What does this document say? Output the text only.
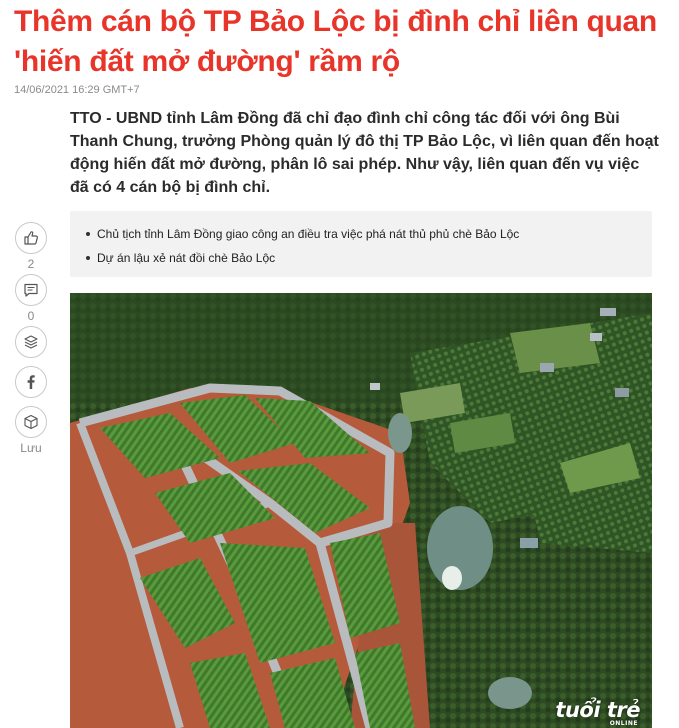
Thêm cán bộ TP Bảo Lộc bị đình chỉ liên quan 'hiến đất mở đường' rầm rộ
14/06/2021 16:29 GMT+7

TTO - UBND tỉnh Lâm Đồng đã chỉ đạo đình chỉ công tác đối với ông Bùi Thanh Chung, trưởng Phòng quản lý đô thị TP Bảo Lộc, vì liên quan đến hoạt động hiến đất mở đường, phân lô sai phép. Như vậy, liên quan đến vụ việc đã có 4 cán bộ bị đình chỉ.

Chủ tịch tỉnh Lâm Đồng giao công an điều tra việc phá nát thủ phủ chè Bảo Lộc
Dự án lậu xẻ nát đồi chè Bảo Lộc
2
0
Lưu
tuổi trẻ
ONLINE
